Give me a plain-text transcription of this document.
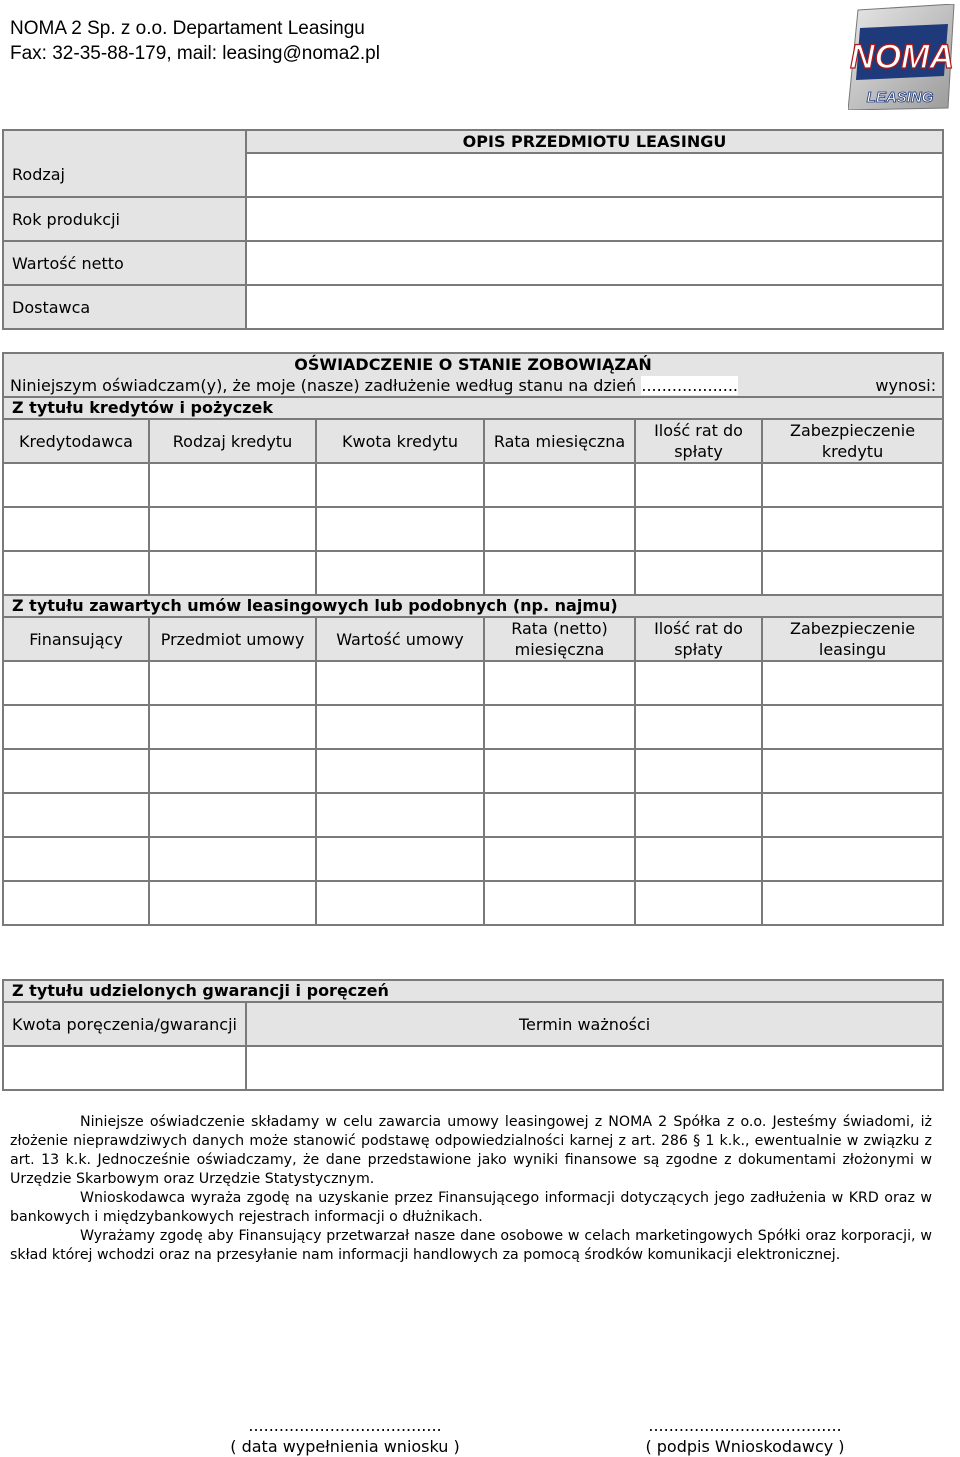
NOMA 2 Sp. z o.o. Departament Leasingu
Fax: 32-35-88-179, mail: leasing@noma2.pl	NOMA
LEASING
	OPIS PRZEDMIOTU LEASINGU
Rodzaj	
Rok produkcji	
Wartość netto	
Dostawca	
OŚWIADCZENIE O STANIE ZOBOWIĄZAŃ
Niniejszym oświadczam(y), że moje (nasze) zadłużenie według stanu na dzień ................... wynosi:					

Z tytułu kredytów i pożyczek					
Kredytodawca	Rodzaj kredytu	Kwota kredytu	Rata miesięczna	Ilość rat do spłaty	Zabezpieczenie kredytu

Z tytułu zawartych umów leasingowych lub podobnych (np. najmu)					
Finansujący	Przedmiot umowy	Wartość umowy	Rata (netto) miesięczna	Ilość rat do spłaty	Zabezpieczenie leasingu

Z tytułu udzielonych gwarancji i poręczeń	
Kwota poręczenia/gwarancji	Termin ważności

Niniejsze oświadczenie składamy w celu zawarcia umowy leasingowej z NOMA 2 Spółka z o.o. Jesteśmy świadomi, iż złożenie nieprawdziwych danych może stanowić podstawę odpowiedzialności karnej z art. 286 § 1 k.k., ewentualnie w związku z art. 13 k.k. Jednocześnie oświadczamy, że dane przedstawione jako wyniki finansowe są zgodne z dokumentami złożonymi w Urzędzie Skarbowym oraz Urzędzie Statystycznym.

Wnioskodawca wyraża zgodę na uzyskanie przez Finansującego informacji dotyczących jego zadłużenia w KRD oraz w bankowych i międzybankowych rejestrach informacji o dłużnikach.

Wyrażamy zgodę aby Finansujący przetwarzał nasze dane osobowe w celach marketingowych Spółki oraz korporacji, w skład której wchodzi oraz na przesyłanie nam informacji handlowych za pomocą środków komunikacji elektronicznej.

......................................
( data wypełnienia wniosku )
......................................
( podpis Wnioskodawcy )
